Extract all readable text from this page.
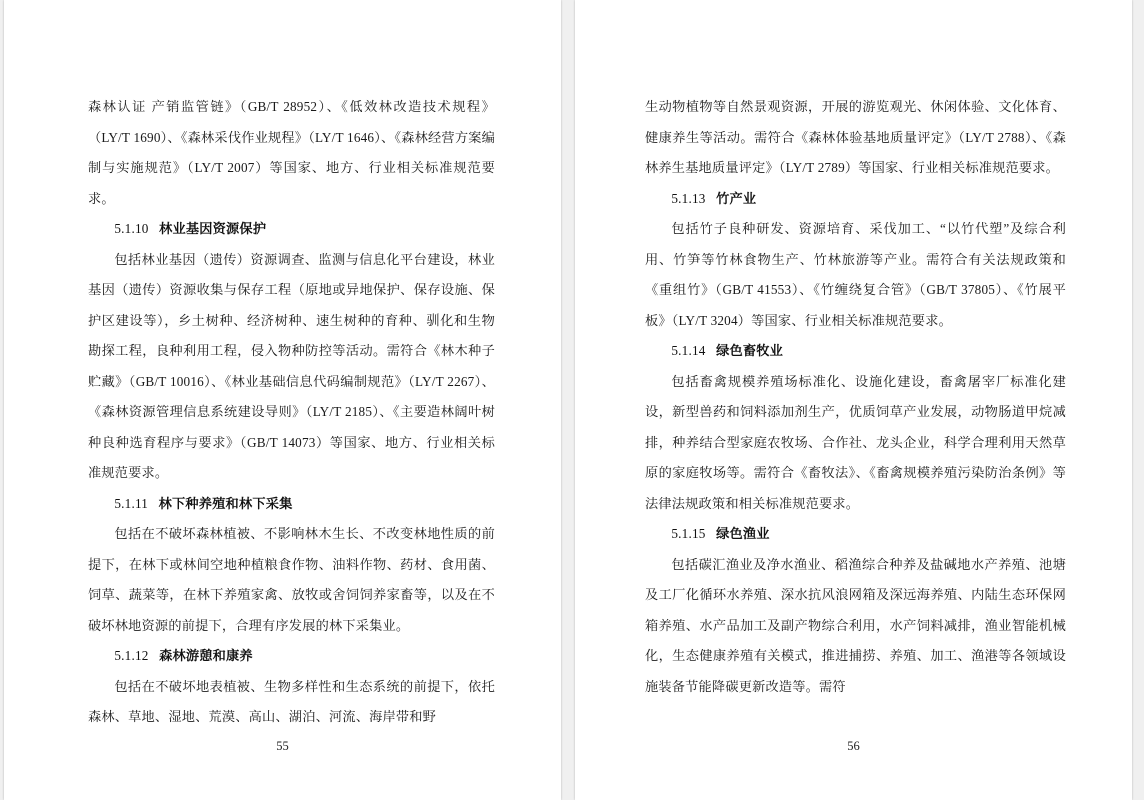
森林认证 产销监管链》（GB/T 28952）、《低效林改造技术规程》（LY/T 1690）、《森林采伐作业规程》（LY/T 1646）、《森林经营方案编制与实施规范》（LY/T 2007）等国家、地方、行业相关标准规范要求。

5.1.10 林业基因资源保护

包括林业基因（遗传）资源调查、监测与信息化平台建设，林业基因（遗传）资源收集与保存工程（原地或异地保护、保存设施、保护区建设等），乡土树种、经济树种、速生树种的育种、驯化和生物勘探工程，良种利用工程，侵入物种防控等活动。需符合《林木种子贮藏》（GB/T 10016）、《林业基础信息代码编制规范》（LY/T 2267）、《森林资源管理信息系统建设导则》（LY/T 2185）、《主要造林阔叶树种良种选育程序与要求》（GB/T 14073）等国家、地方、行业相关标准规范要求。

5.1.11 林下种养殖和林下采集

包括在不破坏森林植被、不影响林木生长、不改变林地性质的前提下，在林下或林间空地种植粮食作物、油料作物、药材、食用菌、饲草、蔬菜等，在林下养殖家禽、放牧或舍饲饲养家畜等，以及在不破坏林地资源的前提下，合理有序发展的林下采集业。

5.1.12 森林游憩和康养

包括在不破坏地表植被、生物多样性和生态系统的前提下，依托森林、草地、湿地、荒漠、高山、湖泊、河流、海岸带和野

55

生动物植物等自然景观资源，开展的游览观光、休闲体验、文化体育、健康养生等活动。需符合《森林体验基地质量评定》（LY/T 2788）、《森林养生基地质量评定》（LY/T 2789）等国家、行业相关标准规范要求。

5.1.13 竹产业

包括竹子良种研发、资源培育、采伐加工、“以竹代塑”及综合利用、竹笋等竹林食物生产、竹林旅游等产业。需符合有关法规政策和《重组竹》（GB/T 41553）、《竹缠绕复合管》（GB/T 37805）、《竹展平板》（LY/T 3204）等国家、行业相关标准规范要求。

5.1.14 绿色畜牧业

包括畜禽规模养殖场标准化、设施化建设，畜禽屠宰厂标准化建设，新型兽药和饲料添加剂生产，优质饲草产业发展，动物肠道甲烷减排，种养结合型家庭农牧场、合作社、龙头企业，科学合理利用天然草原的家庭牧场等。需符合《畜牧法》、《畜禽规模养殖污染防治条例》等法律法规政策和相关标准规范要求。

5.1.15 绿色渔业

包括碳汇渔业及净水渔业、稻渔综合种养及盐碱地水产养殖、池塘及工厂化循环水养殖、深水抗风浪网箱及深远海养殖、内陆生态环保网箱养殖、水产品加工及副产物综合利用，水产饲料减排，渔业智能机械化，生态健康养殖有关模式，推进捕捞、养殖、加工、渔港等各领域设施装备节能降碳更新改造等。需符

56
